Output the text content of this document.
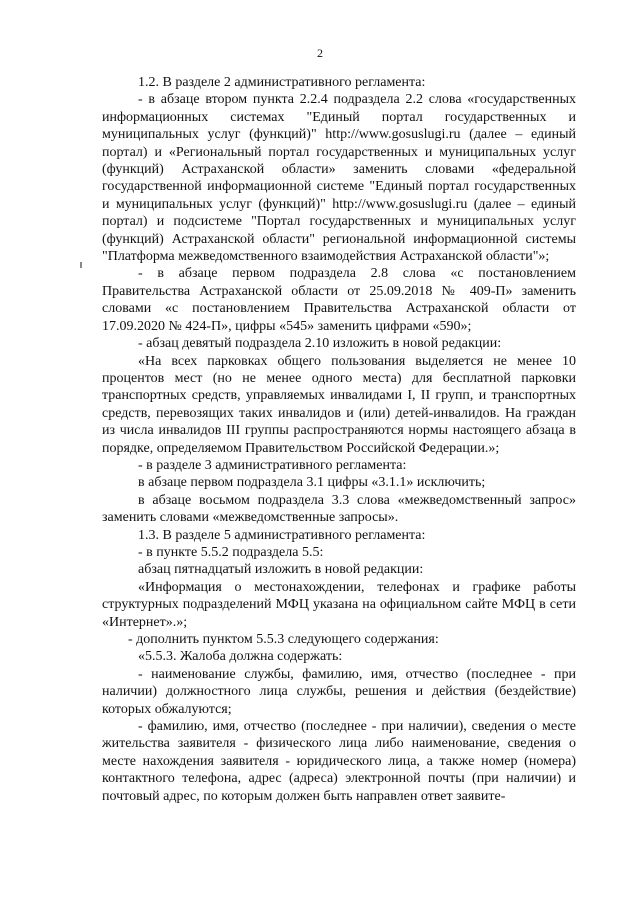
2

1.2. В разделе 2 административного регламента:

- в абзаце втором пункта 2.2.4 подраздела 2.2 слова «государственных информационных системах "Единый портал государственных и муниципальных услуг (функций)" http://www.gosuslugi.ru (далее – единый портал) и «Региональный портал государственных и муниципальных услуг (функций) Астраханской области» заменить словами «федеральной государственной информационной системе "Единый портал государственных и муниципальных услуг (функций)" http://www.gosuslugi.ru (далее – единый портал) и подсистеме "Портал государственных и муниципальных услуг (функций) Астраханской области" региональной информационной системы "Платформа межведомственного взаимодействия Астраханской области"»;

- в абзаце первом подраздела 2.8 слова «с постановлением Правительства Астраханской области от 25.09.2018 № 409-П» заменить словами «с постановлением Правительства Астраханской области от 17.09.2020 № 424-П», цифры «545» заменить цифрами «590»;

- абзац девятый подраздела 2.10 изложить в новой редакции:

«На всех парковках общего пользования выделяется не менее 10 процентов мест (но не менее одного места) для бесплатной парковки транспортных средств, управляемых инвалидами I, II групп, и транспортных средств, перевозящих таких инвалидов и (или) детей-инвалидов. На граждан из числа инвалидов III группы распространяются нормы настоящего абзаца в порядке, определяемом Правительством Российской Федерации.»;

- в разделе 3 административного регламента:

в абзаце первом подраздела 3.1 цифры «3.1.1» исключить;

в абзаце восьмом подраздела 3.3 слова «межведомственный запрос» заменить словами «межведомственные запросы».

1.3. В разделе 5 административного регламента:

- в пункте 5.5.2 подраздела 5.5:

абзац пятнадцатый изложить в новой редакции:

«Информация о местонахождении, телефонах и графике работы структурных подразделений МФЦ указана на официальном сайте МФЦ в сети «Интернет».»;

- дополнить пунктом 5.5.3 следующего содержания:

«5.5.3. Жалоба должна содержать:

- наименование службы, фамилию, имя, отчество (последнее - при наличии) должностного лица службы, решения и действия (бездействие) которых обжалуются;

- фамилию, имя, отчество (последнее - при наличии), сведения о месте жительства заявителя - физического лица либо наименование, сведения о месте нахождения заявителя - юридического лица, а также номер (номера) контактного телефона, адрес (адреса) электронной почты (при наличии) и почтовый адрес, по которым должен быть направлен ответ заявите-
